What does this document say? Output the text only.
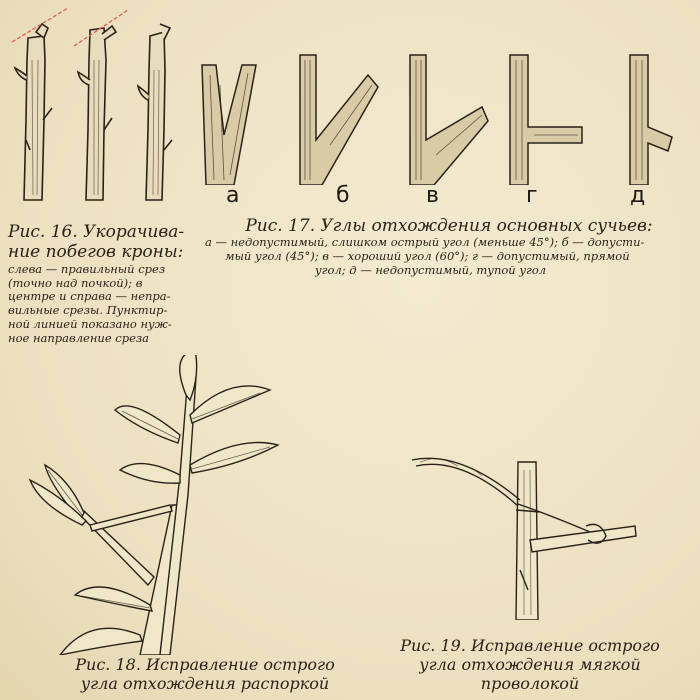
а	б	в	г	д
Рис. 16. Укорачива-
ние побегов кроны:
слева — правильный срез
(точно над почкой); в
центре и справа — непра-
вильные срезы. Пунктир-
ной линией показано нуж-
ное направление среза
Рис. 17. Углы отхождения основных сучьев:
а — недопустимый, слишком острый угол (меньше 45°); б — допусти-
мый угол (45°); в — хороший угол (60°); г — допустимый, прямой
угол; д — недопустимый, тупой угол
Рис. 18. Исправление острого
угла отхождения распоркой
Рис. 19. Исправление острого
угла отхождения мягкой
проволокой
